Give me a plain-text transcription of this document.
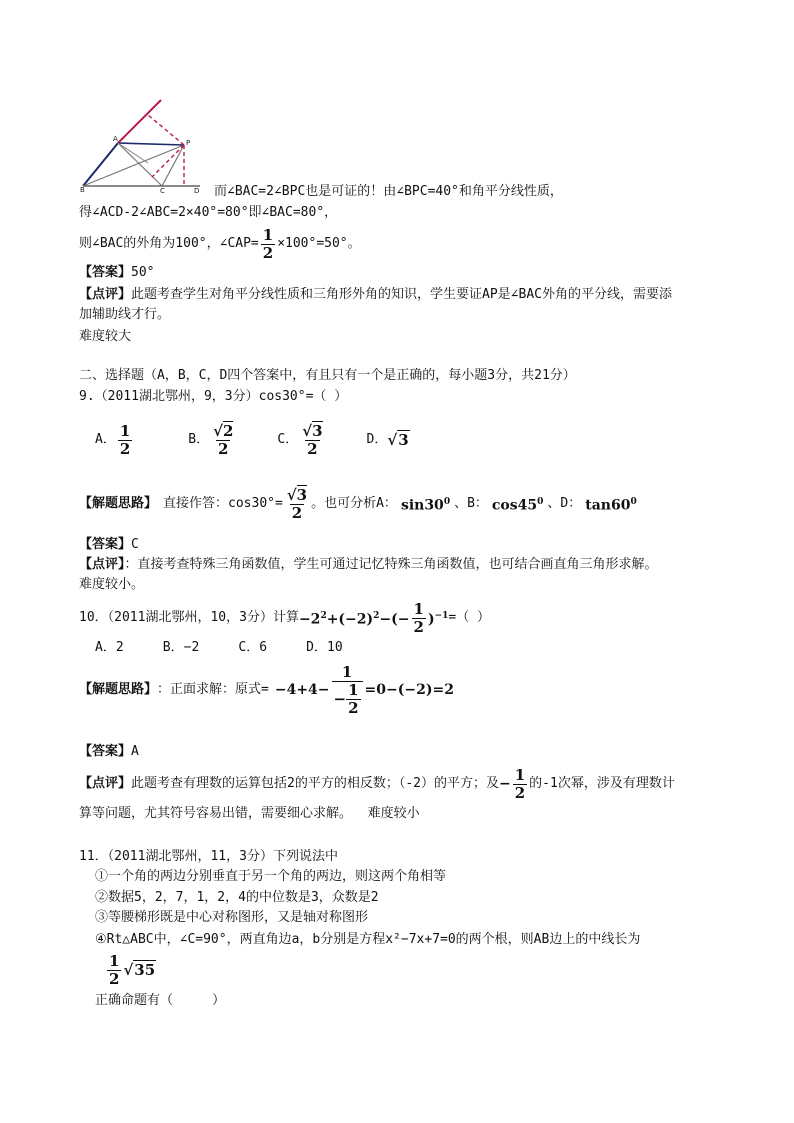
A	P
B	C	D 而∠BAC=2∠BPC也是可证的！由∠BPC=40°和角平分线性质，
得∠ACD-2∠ABC=2×40°=80°即∠BAC=80°，
则∠BAC的外角为100°，∠CAP= $\frac{1}{2} \times 100^\circ=50^\circ$。
【答案】50°
【点评】此题考查学生对角平分线性质和三角形外角的知识，学生要证AP是∠BAC外角的平分线，需要添
加辅助线才行。
难度较大
二、选择题（A，B，C，D四个答案中，有且只有一个是正确的，每小题3分，共21分）
9.（2011湖北鄂州，9，3分）cos30°=（ ）
A． $\frac{1}{2}$	B． $\frac{√2}{2}$	C． $\frac{√3}{2}$	D． √3
【解题思路】 直接作答：$\cos 30^\circ= \frac{√3}{2}$ 。也可分析A： $\sin 30^0$ 、B： $\cos 45^0$ 、D： $\tan 60^0$
【答案】C
【点评】：直接考查特殊三角函数值，学生可通过记忆特殊三角函数值，也可结合画直角三角形求解。
难度较小。
10．（2011湖北鄂州，10，3分）计算 $-2^2+(-2)^2-(- \frac{1}{2} )^{-1}$ =（ ）
A．2     B．−2     C．6     D．10
【解题思路】 ：正面求解：原式= $-4+4- \frac{1}{- \frac{1}{2}} =0-(-2)=2$
【答案】A
【点评】 此题考查有理数的运算包括2的平方的相反数；（-2）的平方；及 − $\frac{1}{2}$ 的-1次幂，涉及有理数计
算等问题，尤其符号容易出错，需要细心求解。  难度较小
11．（2011湖北鄂州，11，3分）下列说法中
①一个角的两边分别垂直于另一个角的两边，则这两个角相等
②数据5，2，7，1，2，4的中位数是3，众数是2
③等腰梯形既是中心对称图形，又是轴对称图形
④Rt△ABC中，∠C=90°，两直角边a，b分别是方程x²−7x+7=0的两个根，则AB边上的中线长为
$\frac{1}{2} √35$
正确命题有（     ）
